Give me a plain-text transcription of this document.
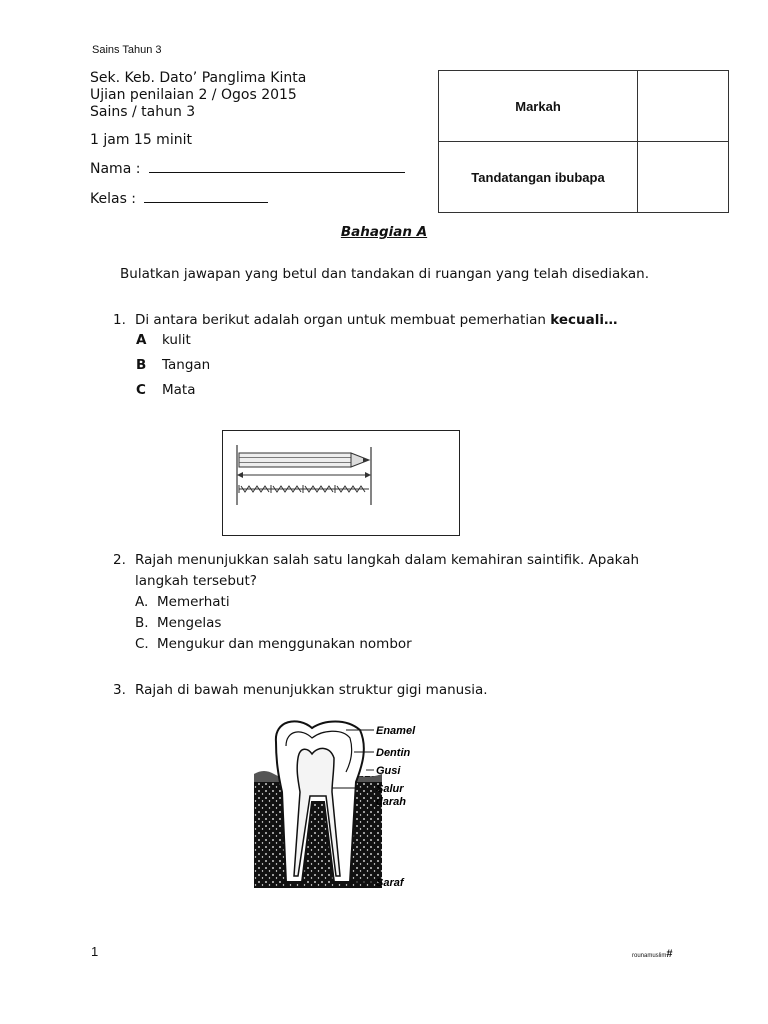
Sains Tahun 3
Sek. Keb. Dato’ Panglima Kinta
Ujian penilaian 2 / Ogos 2015
Sains / tahun 3
1 jam 15 minit
Nama :
Kelas :
Markah	
Tandatangan ibubapa	
Bahagian A
Bulatkan jawapan yang betul dan tandakan di ruangan yang telah disediakan.
1. Di antara berikut adalah organ untuk membuat pemerhatian kecuali…
A kulit
B Tangan
C Mata
2. Rajah menunjukkan salah satu langkah dalam kemahiran saintifik. Apakah
langkah tersebut?
A. Memerhati
B. Mengelas
C. Mengukur dan menggunakan nombor
3. Rajah di bawah menunjukkan struktur gigi manusia.
Enamel
Dentin
Gusi
Salur
darah
Saraf
1	rounamuslim#
